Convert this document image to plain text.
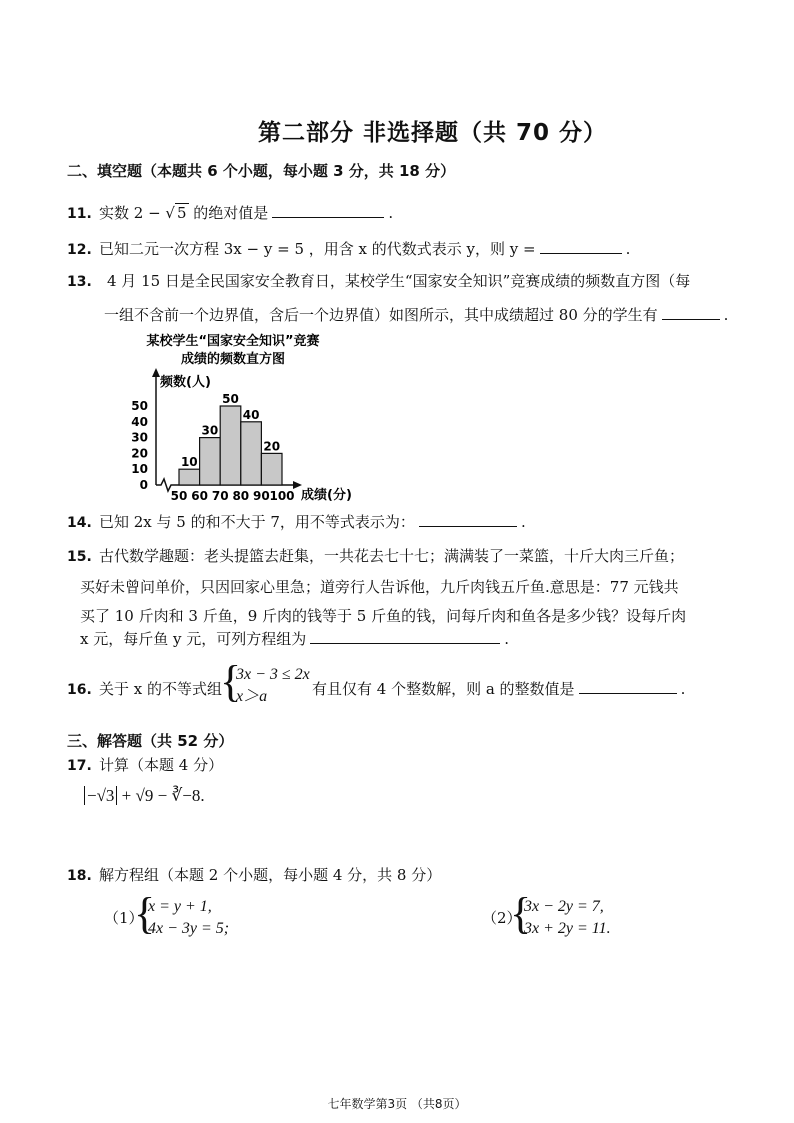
第二部分 非选择题（共 70 分）
二、填空题（本题共 6 个小题，每小题 3 分，共 18 分）
11. 实数 2 − √ 5 的绝对值是	.
12. 已知二元一次方程 3x − y = 5 ，用含 x 的代数式表示 y，则 y =	.
13. 4 月 15 日是全民国家安全教育日，某校学生“国家安全知识”竞赛成绩的频数直方图（每
一组不含前一个边界值，含后一个边界值）如图所示，其中成绩超过 80 分的学生有	.
某校学生“国家安全知识”竞赛
成绩的频数直方图
频数(人)
成绩(分)
10
30
50
40
20
0
10
20
30
40
50
50 60 70 80 90 100
14. 已知 2x 与 5 的和不大于 7，用不等式表示为：	.
15. 古代数学趣题：老头提篮去赶集，一共花去七十七；满满装了一菜篮，十斤大肉三斤鱼；
买好未曾问单价，只因回家心里急；道旁行人告诉他，九斤肉钱五斤鱼.意思是：77 元钱共
买了 10 斤肉和 3 斤鱼，9 斤肉的钱等于 5 斤鱼的钱，问每斤肉和鱼各是多少钱？设每斤肉
x 元，每斤鱼 y 元，可列方程组为	.
16. 关于 x 的不等式组
{
3x − 3 ≤ 2x
x＞a	有且仅有 4 个整数解，则 a 的整数值是	.
三、解答题（共 52 分）
17. 计算（本题 4 分）
−√3 + √9 − ∛−8.
18. 解方程组（本题 2 个小题，每小题 4 分，共 8 分）
（1）
{
x = y + 1,
4x − 3y = 5;
（2）
{
3x − 2y = 7,
3x + 2y = 11.
七年数学第3页 （共8页）
